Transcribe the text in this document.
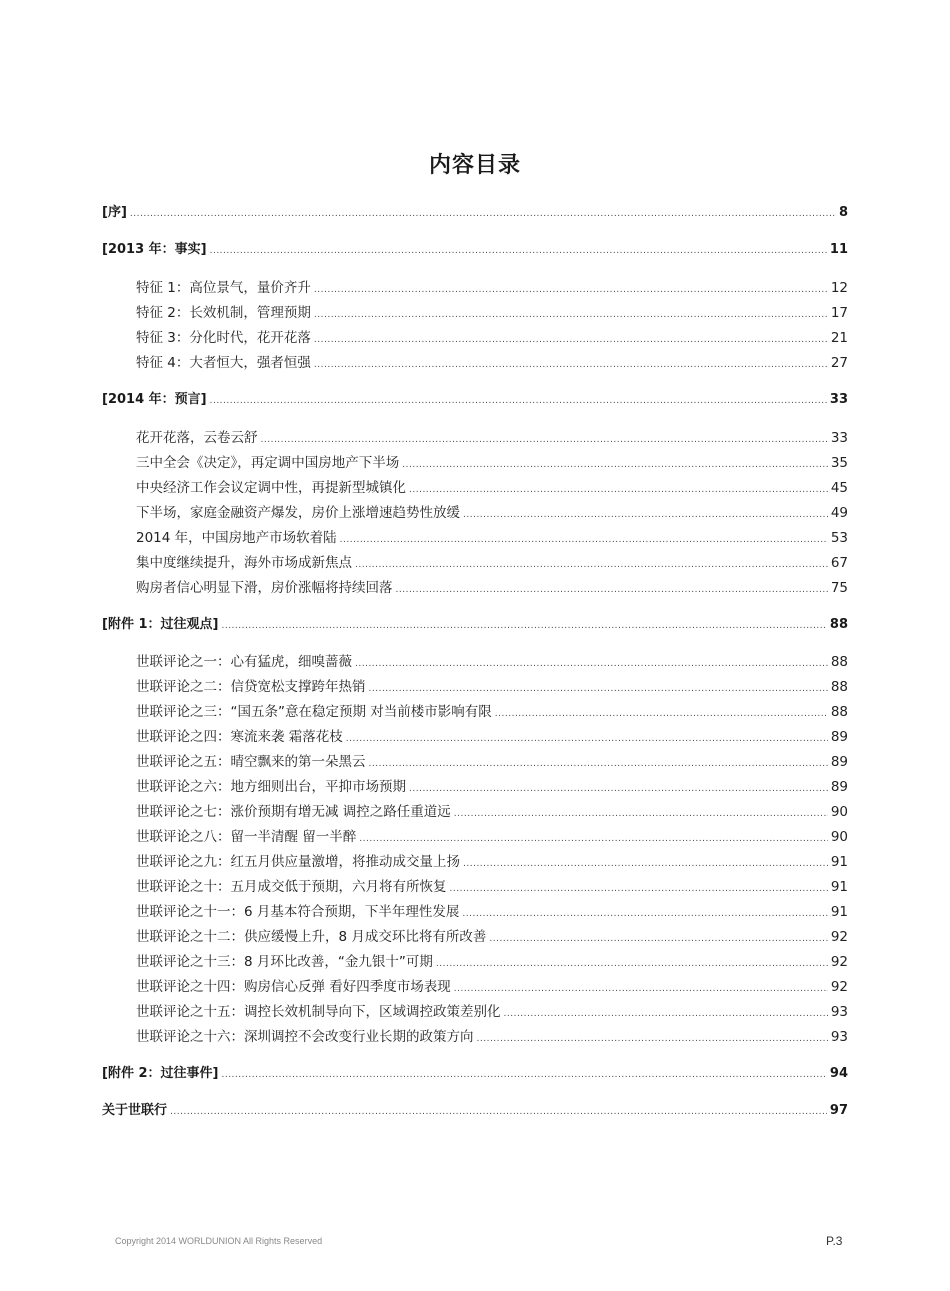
内容目录
[序] .....	8
[2013 年：事实] .....	11
特征 1：高位景气，量价齐升 .....	12
特征 2：长效机制，管理预期 .....	17
特征 3：分化时代，花开花落 .....	21
特征 4：大者恒大，强者恒强 .....	27
[2014 年：预言] .....	33
花开花落，云卷云舒 .....	33
三中全会《决定》，再定调中国房地产下半场 .....	35
中央经济工作会议定调中性，再提新型城镇化 .....	45
下半场，家庭金融资产爆发，房价上涨增速趋势性放缓 .....	49
2014 年，中国房地产市场软着陆 .....	53
集中度继续提升，海外市场成新焦点 .....	67
购房者信心明显下滑，房价涨幅将持续回落 .....	75
[附件 1：过往观点] .....	88
世联评论之一：心有猛虎，细嗅蔷薇 .....	88
世联评论之二：信贷宽松支撑跨年热销 .....	88
世联评论之三：“国五条”意在稳定预期 对当前楼市影响有限 .....	88
世联评论之四：寒流来袭 霜落花枝 .....	89
世联评论之五：晴空飘来的第一朵黑云 .....	89
世联评论之六：地方细则出台，平抑市场预期 .....	89
世联评论之七：涨价预期有增无减 调控之路任重道远 .....	90
世联评论之八：留一半清醒 留一半醉 .....	90
世联评论之九：红五月供应量激增，将推动成交量上扬 .....	91
世联评论之十：五月成交低于预期，六月将有所恢复 .....	91
世联评论之十一：6 月基本符合预期，下半年理性发展 .....	91
世联评论之十二：供应缓慢上升，8 月成交环比将有所改善 .....	92
世联评论之十三：8 月环比改善，“金九银十”可期 .....	92
世联评论之十四：购房信心反弹 看好四季度市场表现 .....	92
世联评论之十五：调控长效机制导向下，区域调控政策差别化 .....	93
世联评论之十六：深圳调控不会改变行业长期的政策方向 .....	93
[附件 2：过往事件] .....	94
关于世联行 .....	97
Copyright 2014 WORLDUNION All Rights Reserved	P.3
